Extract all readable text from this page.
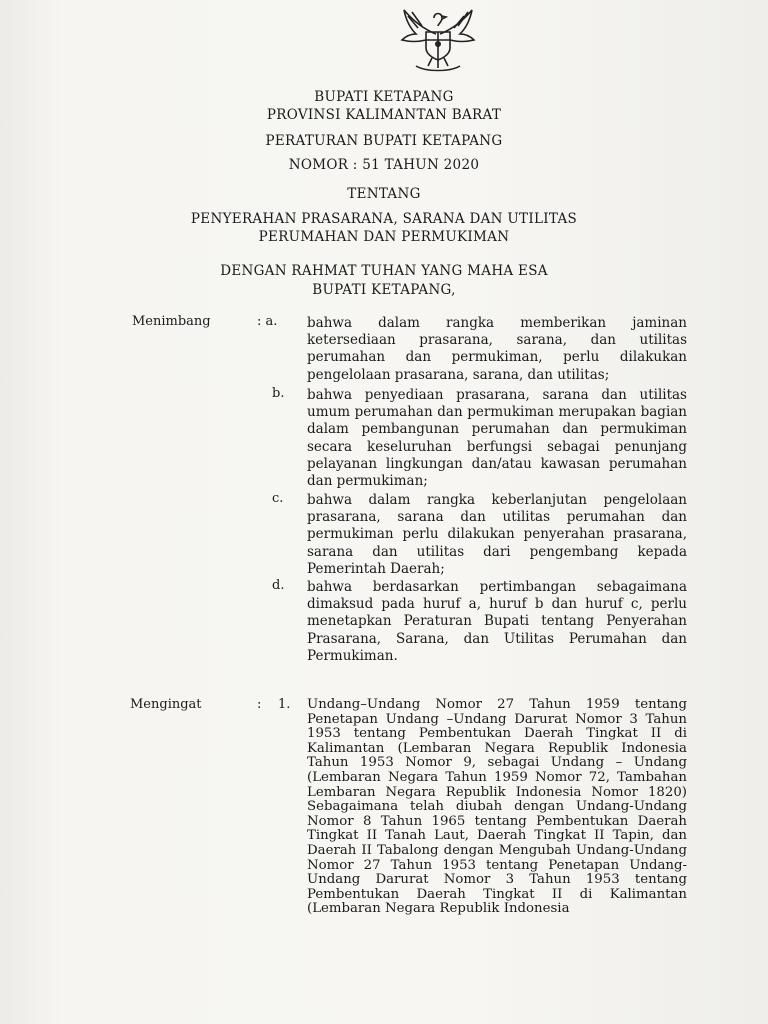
BUPATI KETAPANG
PROVINSI KALIMANTAN BARAT
PERATURAN BUPATI KETAPANG
NOMOR : 51 TAHUN 2020
TENTANG
PENYERAHAN PRASARANA, SARANA DAN UTILITAS
PERUMAHAN DAN PERMUKIMAN
DENGAN RAHMAT TUHAN YANG MAHA ESA
BUPATI KETAPANG,
Menimbang	: a. bahwa dalam rangka memberikan jaminan ketersediaan prasarana, sarana, dan utilitas perumahan dan permukiman, perlu dilakukan pengelolaan prasarana, sarana, dan utilitas;
b. bahwa penyediaan prasarana, sarana dan utilitas umum perumahan dan permukiman merupakan bagian dalam pembangunan perumahan dan permukiman secara keseluruhan berfungsi sebagai penunjang pelayanan lingkungan dan/atau kawasan perumahan dan permukiman;
c. bahwa dalam rangka keberlanjutan pengelolaan prasarana, sarana dan utilitas perumahan dan permukiman perlu dilakukan penyerahan prasarana, sarana dan utilitas dari pengembang kepada Pemerintah Daerah;
d. bahwa berdasarkan pertimbangan sebagaimana dimaksud pada huruf a, huruf b dan huruf c, perlu menetapkan Peraturan Bupati tentang Penyerahan Prasarana, Sarana, dan Utilitas Perumahan dan Permukiman.
Mengingat	: 1. Undang–Undang Nomor 27 Tahun 1959 tentang Penetapan Undang –Undang Darurat Nomor 3 Tahun 1953 tentang Pembentukan Daerah Tingkat II di Kalimantan (Lembaran Negara Republik Indonesia Tahun 1953 Nomor 9, sebagai Undang – Undang (Lembaran Negara Tahun 1959 Nomor 72, Tambahan Lembaran Negara Republik Indonesia Nomor 1820) Sebagaimana telah diubah dengan Undang-Undang Nomor 8 Tahun 1965 tentang Pembentukan Daerah Tingkat II Tanah Laut, Daerah Tingkat II Tapin, dan Daerah II Tabalong dengan Mengubah Undang-Undang Nomor 27 Tahun 1953 tentang Penetapan Undang-Undang Darurat Nomor 3 Tahun 1953 tentang Pembentukan Daerah Tingkat II di Kalimantan (Lembaran Negara Republik Indonesia
